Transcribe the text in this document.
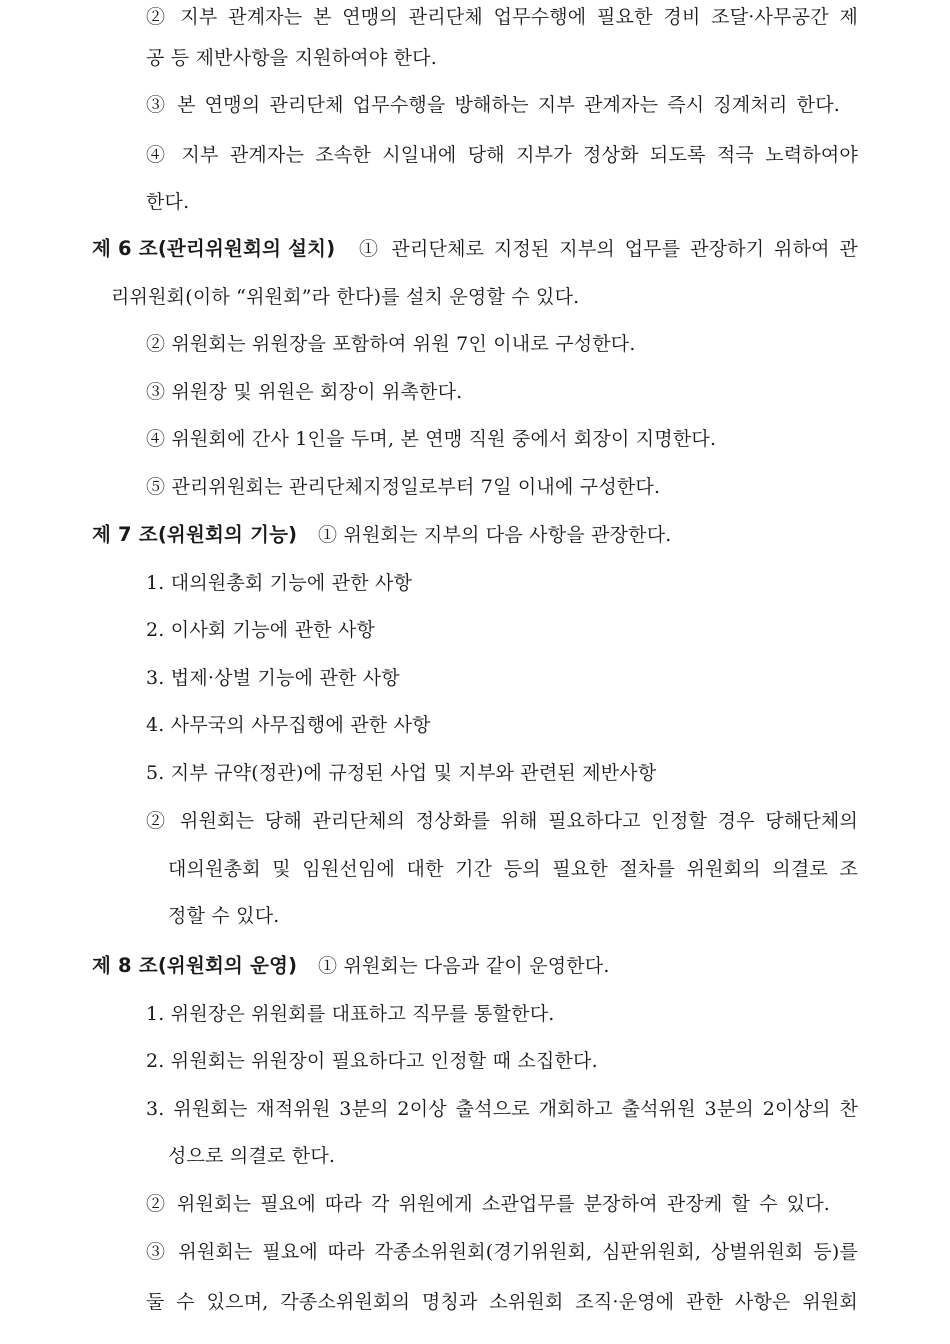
② 지부 관계자는 본 연맹의 관리단체 업무수행에 필요한 경비 조달·사무공간 제
공 등 제반사항을 지원하여야 한다.
③ 본 연맹의 관리단체 업무수행을 방해하는 지부 관계자는 즉시 징계처리 한다.
④ 지부 관계자는 조속한 시일내에 당해 지부가 정상화 되도록 적극 노력하여야
한다.
제 6 조(관리위원회의 설치) ① 관리단체로 지정된 지부의 업무를 관장하기 위하여 관
리위원회(이하 “위원회”라 한다)를 설치 운영할 수 있다.
② 위원회는 위원장을 포함하여 위원 7인 이내로 구성한다.
③ 위원장 및 위원은 회장이 위촉한다.
④ 위원회에 간사 1인을 두며, 본 연맹 직원 중에서 회장이 지명한다.
⑤ 관리위원회는 관리단체지정일로부터 7일 이내에 구성한다.
제 7 조(위원회의 기능) ① 위원회는 지부의 다음 사항을 관장한다.
1. 대의원총회 기능에 관한 사항
2. 이사회 기능에 관한 사항
3. 법제·상벌 기능에 관한 사항
4. 사무국의 사무집행에 관한 사항
5. 지부 규약(정관)에 규정된 사업 및 지부와 관련된 제반사항
② 위원회는 당해 관리단체의 정상화를 위해 필요하다고 인정할 경우 당해단체의
대의원총회 및 임원선임에 대한 기간 등의 필요한 절차를 위원회의 의결로 조
정할 수 있다.
제 8 조(위원회의 운영) ① 위원회는 다음과 같이 운영한다.
1. 위원장은 위원회를 대표하고 직무를 통할한다.
2. 위원회는 위원장이 필요하다고 인정할 때 소집한다.
3. 위원회는 재적위원 3분의 2이상 출석으로 개회하고 출석위원 3분의 2이상의 찬
성으로 의결로 한다.
② 위원회는 필요에 따라 각 위원에게 소관업무를 분장하여 관장케 할 수 있다.
③ 위원회는 필요에 따라 각종소위원회(경기위원회, 심판위원회, 상벌위원회 등)를
둘 수 있으며, 각종소위원회의 명칭과 소위원회 조직·운영에 관한 사항은 위원회
